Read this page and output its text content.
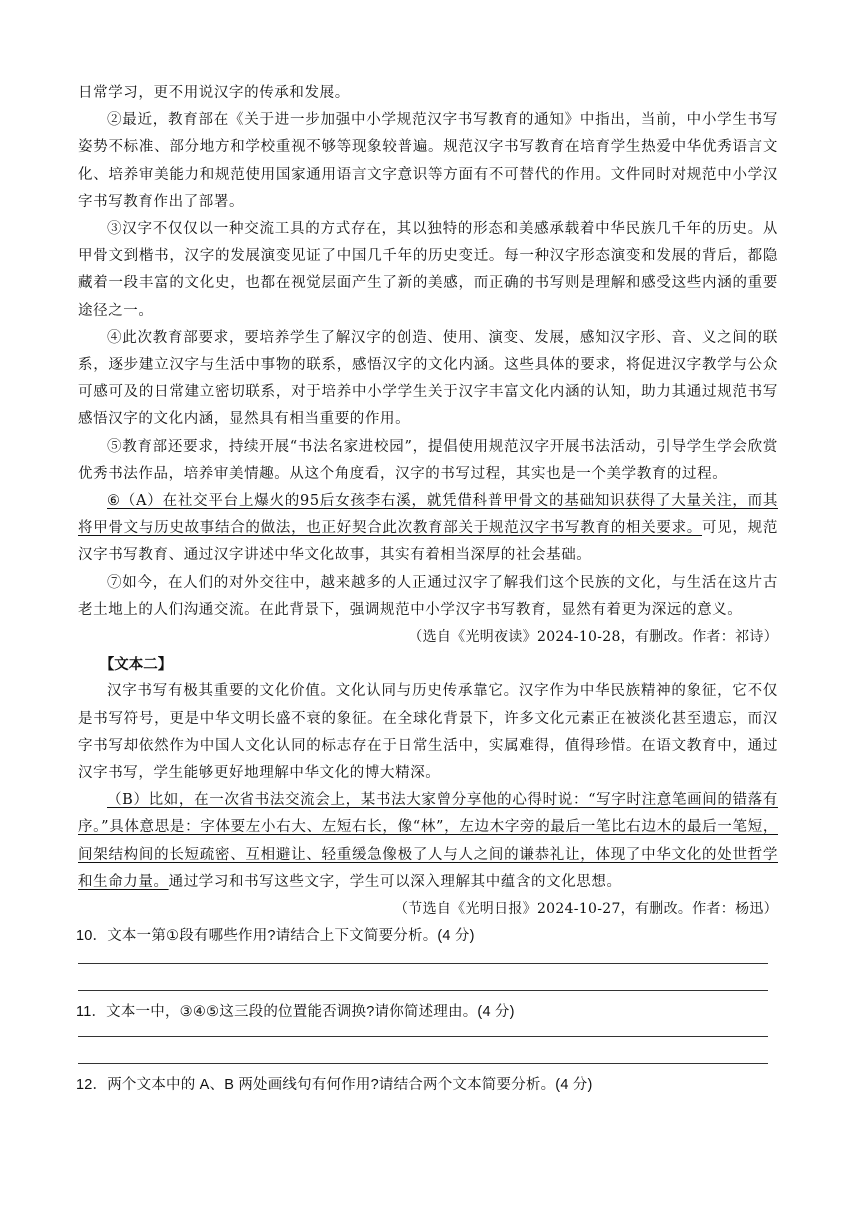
日常学习，更不用说汉字的传承和发展。

②最近，教育部在《关于进一步加强中小学规范汉字书写教育的通知》中指出，当前，中小学生书写姿势不标准、部分地方和学校重视不够等现象较普遍。规范汉字书写教育在培育学生热爱中华优秀语言文化、培养审美能力和规范使用国家通用语言文字意识等方面有不可替代的作用。文件同时对规范中小学汉字书写教育作出了部署。

③汉字不仅仅以一种交流工具的方式存在，其以独特的形态和美感承载着中华民族几千年的历史。从甲骨文到楷书，汉字的发展演变见证了中国几千年的历史变迁。每一种汉字形态演变和发展的背后，都隐藏着一段丰富的文化史，也都在视觉层面产生了新的美感，而正确的书写则是理解和感受这些内涵的重要途径之一。

④此次教育部要求，要培养学生了解汉字的创造、使用、演变、发展，感知汉字形、音、义之间的联系，逐步建立汉字与生活中事物的联系，感悟汉字的文化内涵。这些具体的要求，将促进汉字教学与公众可感可及的日常建立密切联系，对于培养中小学学生关于汉字丰富文化内涵的认知，助力其通过规范书写感悟汉字的文化内涵，显然具有相当重要的作用。

⑤教育部还要求，持续开展“书法名家进校园”，提倡使用规范汉字开展书法活动，引导学生学会欣赏优秀书法作品，培养审美情趣。从这个角度看，汉字的书写过程，其实也是一个美学教育的过程。

⑥（A）在社交平台上爆火的95后女孩李右溪，就凭借科普甲骨文的基础知识获得了大量关注，而其将甲骨文与历史故事结合的做法，也正好契合此次教育部关于规范汉字书写教育的相关要求。可见，规范汉字书写教育、通过汉字讲述中华文化故事，其实有着相当深厚的社会基础。

⑦如今，在人们的对外交往中，越来越多的人正通过汉字了解我们这个民族的文化，与生活在这片古老土地上的人们沟通交流。在此背景下，强调规范中小学汉字书写教育，显然有着更为深远的意义。

（选自《光明夜读》2024-10-28，有删改。作者：祁诗）

【文本二】

汉字书写有极其重要的文化价值。文化认同与历史传承靠它。汉字作为中华民族精神的象征，它不仅是书写符号，更是中华文明长盛不衰的象征。在全球化背景下，许多文化元素正在被淡化甚至遗忘，而汉字书写却依然作为中国人文化认同的标志存在于日常生活中，实属难得，值得珍惜。在语文教育中，通过汉字书写，学生能够更好地理解中华文化的博大精深。

（B）比如，在一次省书法交流会上，某书法大家曾分享他的心得时说：“写字时注意笔画间的错落有序。”具体意思是：字体要左小右大、左短右长，像“林”，左边木字旁的最后一笔比右边木的最后一笔短，间架结构间的长短疏密、互相避让、轻重缓急像极了人与人之间的谦恭礼让，体现了中华文化的处世哲学和生命力量。通过学习和书写这些文字，学生可以深入理解其中蕴含的文化思想。

（节选自《光明日报》2024-10-27，有删改。作者：杨迅）

10．文本一第①段有哪些作用?请结合上下文简要分析。(4 分)

11．文本一中，③④⑤这三段的位置能否调换?请你简述理由。(4 分)

12．两个文本中的 A、B 两处画线句有何作用?请结合两个文本简要分析。(4 分)
